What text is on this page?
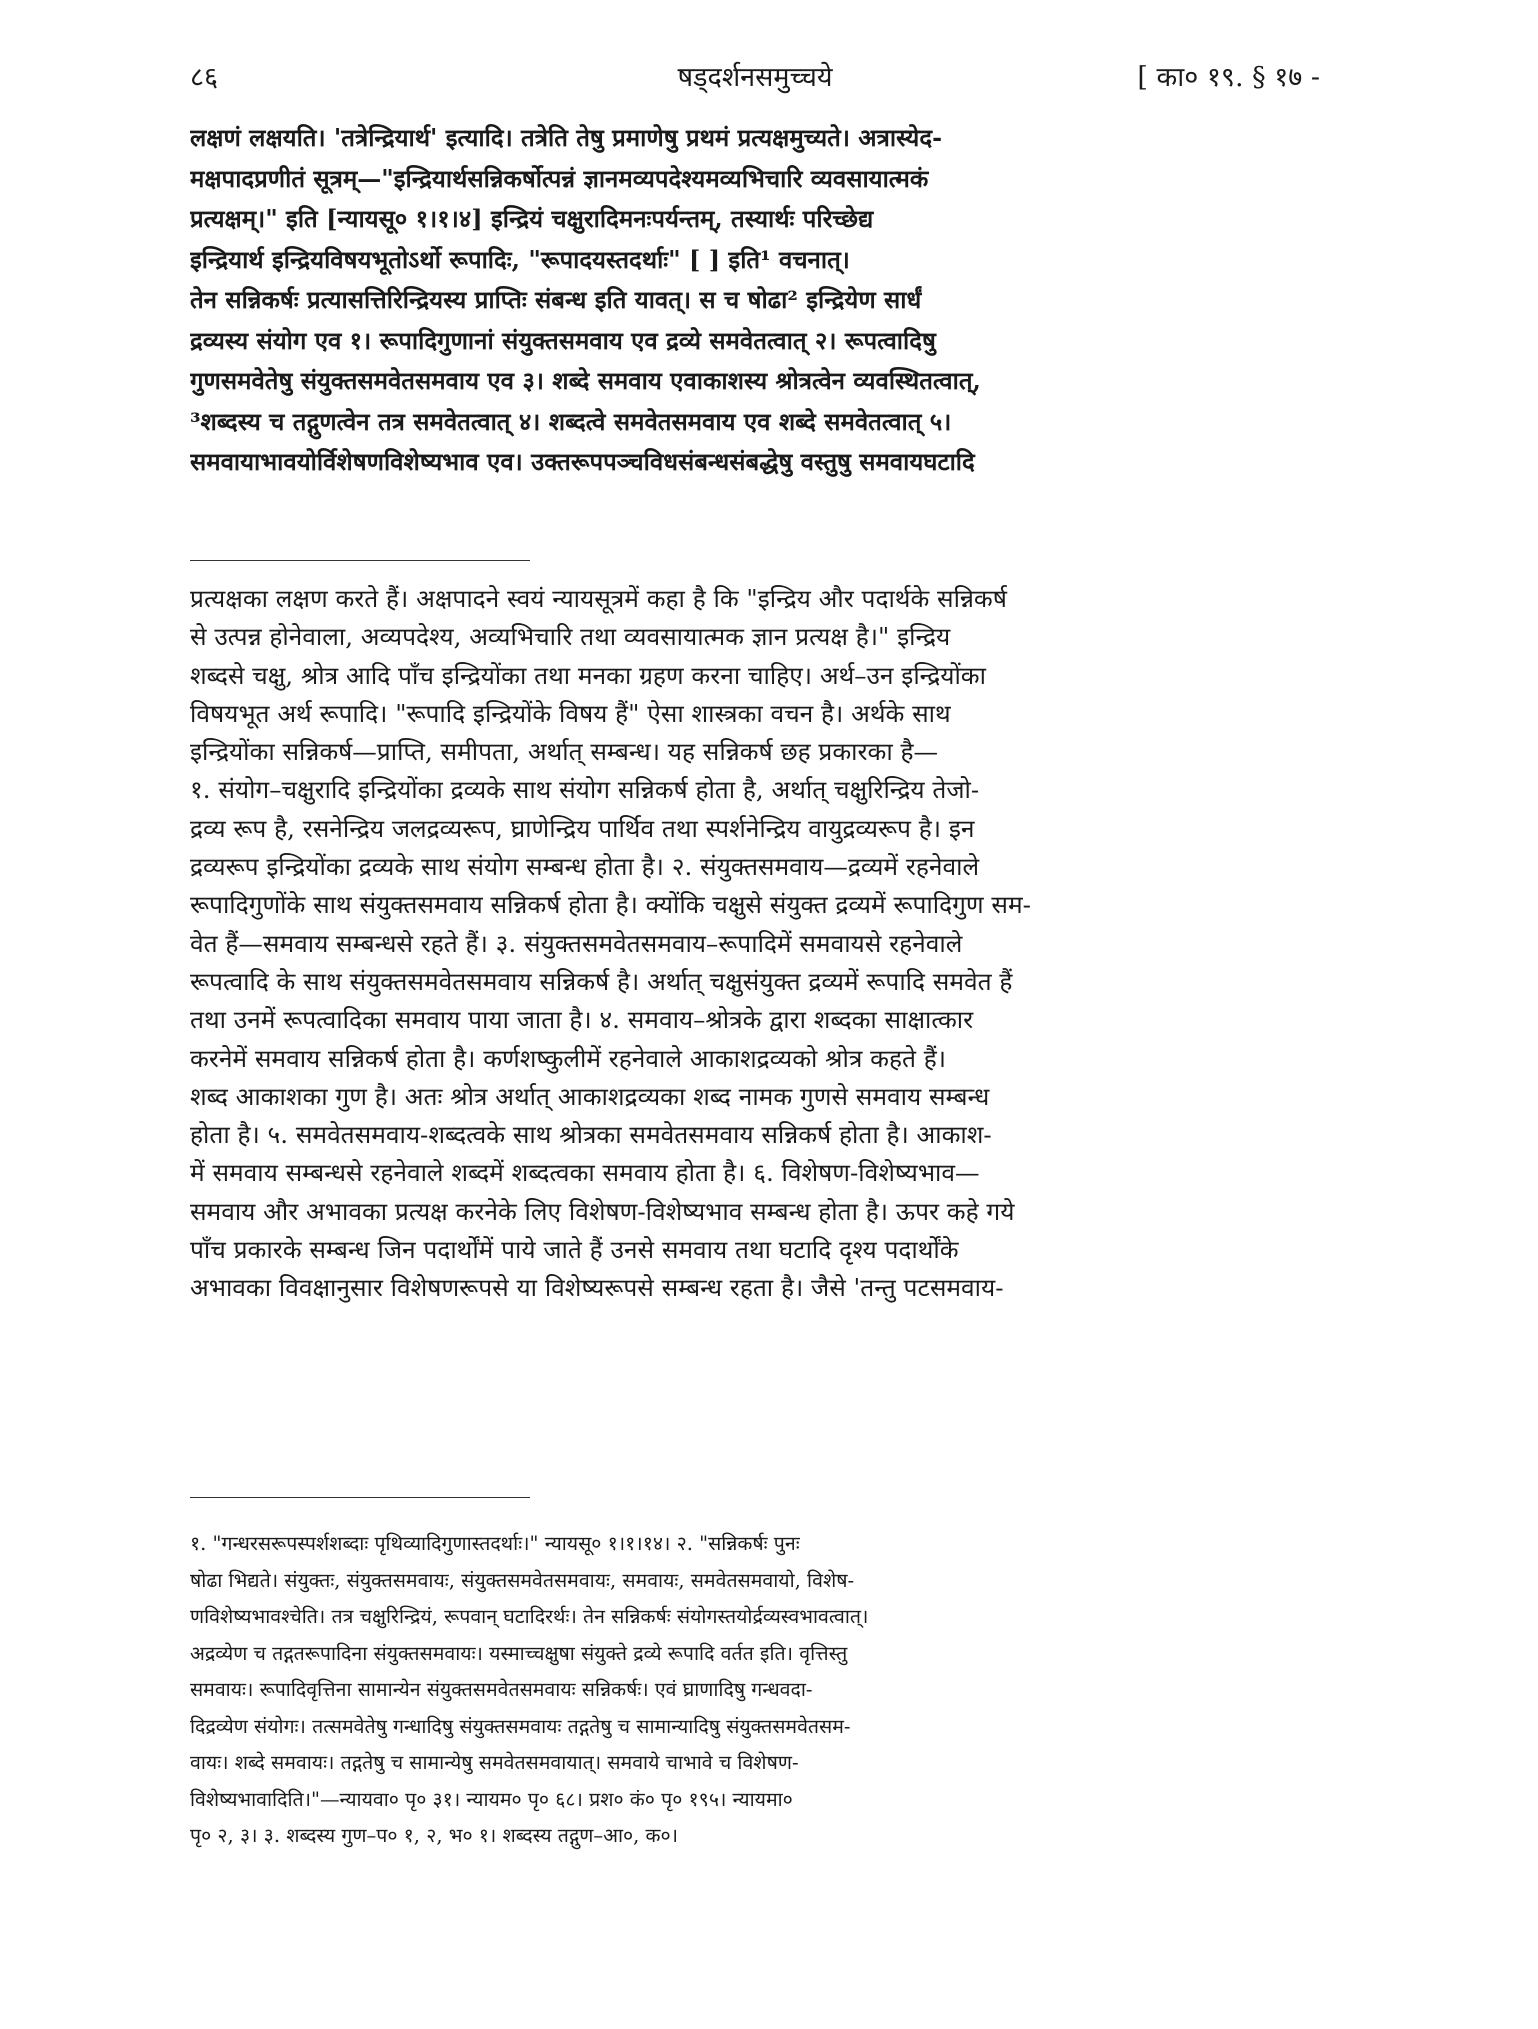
८६	षड्दर्शनसमुच्चये	[ का० १९. § १७ -
लक्षणं लक्षयति। 'तत्रेन्द्रियार्थ' इत्यादि। तत्रेति तेषु प्रमाणेषु प्रथमं प्रत्यक्षमुच्यते। अत्रास्येद-
मक्षपादप्रणीतं सूत्रम्—"इन्द्रियार्थसन्निकर्षोत्पन्नं ज्ञानमव्यपदेश्यमव्यभिचारि व्यवसायात्मकं
प्रत्यक्षम्।" इति [न्यायसू० १।१।४] इन्द्रियं चक्षुरादिमनःपर्यन्तम्, तस्यार्थः परिच्छेद्य
इन्द्रियार्थ इन्द्रियविषयभूतोऽर्थो रूपादिः, "रूपादयस्तदर्थाः" [ ] इति¹ वचनात्।
तेन सन्निकर्षः प्रत्यासत्तिरिन्द्रियस्य प्राप्तिः संबन्ध इति यावत्। स च षोढा² इन्द्रियेण सार्धं
द्रव्यस्य संयोग एव १। रूपादिगुणानां संयुक्तसमवाय एव द्रव्ये समवेतत्वात् २। रूपत्वादिषु
गुणसमवेतेषु संयुक्तसमवेतसमवाय एव ३। शब्दे समवाय एवाकाशस्य श्रोत्रत्वेन व्यवस्थितत्वात्,
³शब्दस्य च तद्गुणत्वेन तत्र समवेतत्वात् ४। शब्दत्वे समवेतसमवाय एव शब्दे समवेतत्वात् ५।
समवायाभावयोर्विशेषणविशेष्यभाव एव। उक्तरूपपञ्चविधसंबन्धसंबद्धेषु वस्तुषु समवायघटादि
प्रत्यक्षका लक्षण करते हैं। अक्षपादने स्वयं न्यायसूत्रमें कहा है कि "इन्द्रिय और पदार्थके सन्निकर्ष
से उत्पन्न होनेवाला, अव्यपदेश्य, अव्यभिचारि तथा व्यवसायात्मक ज्ञान प्रत्यक्ष है।" इन्द्रिय
शब्दसे चक्षु, श्रोत्र आदि पाँच इन्द्रियोंका तथा मनका ग्रहण करना चाहिए। अर्थ–उन इन्द्रियोंका
विषयभूत अर्थ रूपादि। "रूपादि इन्द्रियोंके विषय हैं" ऐसा शास्त्रका वचन है। अर्थके साथ
इन्द्रियोंका सन्निकर्ष—प्राप्ति, समीपता, अर्थात् सम्बन्ध। यह सन्निकर्ष छह प्रकारका है—
१. संयोग–चक्षुरादि इन्द्रियोंका द्रव्यके साथ संयोग सन्निकर्ष होता है, अर्थात् चक्षुरिन्द्रिय तेजो-
द्रव्य रूप है, रसनेन्द्रिय जलद्रव्यरूप, घ्राणेन्द्रिय पार्थिव तथा स्पर्शनेन्द्रिय वायुद्रव्यरूप है। इन
द्रव्यरूप इन्द्रियोंका द्रव्यके साथ संयोग सम्बन्ध होता है। २. संयुक्तसमवाय—द्रव्यमें रहनेवाले
रूपादिगुणोंके साथ संयुक्तसमवाय सन्निकर्ष होता है। क्योंकि चक्षुसे संयुक्त द्रव्यमें रूपादिगुण सम-
वेत हैं—समवाय सम्बन्धसे रहते हैं। ३. संयुक्तसमवेतसमवाय–रूपादिमें समवायसे रहनेवाले
रूपत्वादि के साथ संयुक्तसमवेतसमवाय सन्निकर्ष है। अर्थात् चक्षुसंयुक्त द्रव्यमें रूपादि समवेत हैं
तथा उनमें रूपत्वादिका समवाय पाया जाता है। ४. समवाय–श्रोत्रके द्वारा शब्दका साक्षात्कार
करनेमें समवाय सन्निकर्ष होता है। कर्णशष्कुलीमें रहनेवाले आकाशद्रव्यको श्रोत्र कहते हैं।
शब्द आकाशका गुण है। अतः श्रोत्र अर्थात् आकाशद्रव्यका शब्द नामक गुणसे समवाय सम्बन्ध
होता है। ५. समवेतसमवाय-शब्दत्वके साथ श्रोत्रका समवेतसमवाय सन्निकर्ष होता है। आकाश-
में समवाय सम्बन्धसे रहनेवाले शब्दमें शब्दत्वका समवाय होता है। ६. विशेषण-विशेष्यभाव—
समवाय और अभावका प्रत्यक्ष करनेके लिए विशेषण-विशेष्यभाव सम्बन्ध होता है। ऊपर कहे गये
पाँच प्रकारके सम्बन्ध जिन पदार्थोंमें पाये जाते हैं उनसे समवाय तथा घटादि दृश्य पदार्थोंके
अभावका विवक्षानुसार विशेषणरूपसे या विशेष्यरूपसे सम्बन्ध रहता है। जैसे 'तन्तु पटसमवाय-
१. "गन्धरसरूपस्पर्शशब्दाः पृथिव्यादिगुणास्तदर्थाः।" न्यायसू० १।१।१४। २. "सन्निकर्षः पुनः
षोढा भिद्यते। संयुक्तः, संयुक्तसमवायः, संयुक्तसमवेतसमवायः, समवायः, समवेतसमवायो, विशेष-
णविशेष्यभावश्चेति। तत्र चक्षुरिन्द्रियं, रूपवान् घटादिरर्थः। तेन सन्निकर्षः संयोगस्तयोर्द्रव्यस्वभावत्वात्।
अद्रव्येण च तद्गतरूपादिना संयुक्तसमवायः। यस्माच्चक्षुषा संयुक्ते द्रव्ये रूपादि वर्तत इति। वृत्तिस्तु
समवायः। रूपादिवृत्तिना सामान्येन संयुक्तसमवेतसमवायः सन्निकर्षः। एवं घ्राणादिषु गन्धवदा-
दिद्रव्येण संयोगः। तत्समवेतेषु गन्धादिषु संयुक्तसमवायः तद्गतेषु च सामान्यादिषु संयुक्तसमवेतसम-
वायः। शब्दे समवायः। तद्गतेषु च सामान्येषु समवेतसमवायात्। समवाये चाभावे च विशेषण-
विशेष्यभावादिति।"—न्यायवा० पृ० ३१। न्यायम० पृ० ६८। प्रश० कं० पृ० १९५। न्यायमा०
पृ० २, ३। ३. शब्दस्य गुण–प० १, २, भ० १। शब्दस्य तद्गुण–आ०, क०।
